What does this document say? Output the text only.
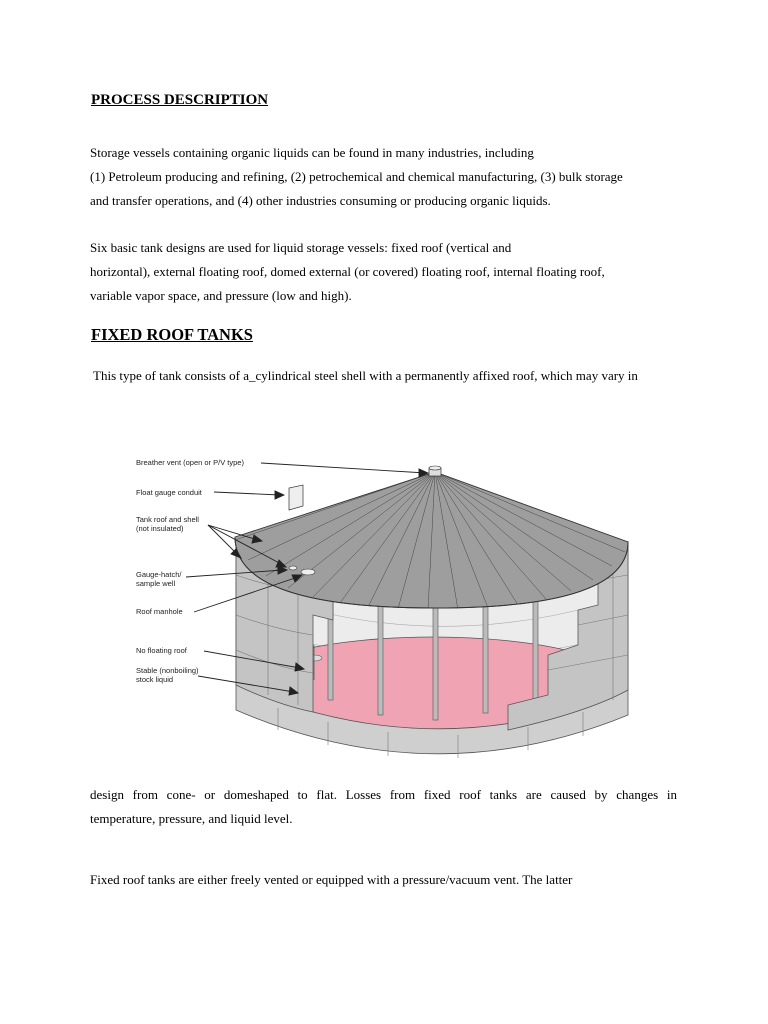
PROCESS DESCRIPTION
Storage vessels containing organic liquids can be found in many industries, including
(1) Petroleum producing and refining, (2) petrochemical and chemical manufacturing, (3) bulk storage
and transfer operations, and (4) other industries consuming or producing organic liquids.
Six basic tank designs are used for liquid storage vessels: fixed roof (vertical and
horizontal), external floating roof, domed external (or covered) floating roof, internal floating roof,
variable vapor space, and pressure (low and high).
FIXED ROOF TANKS
This type of tank consists of a_cylindrical steel shell with a permanently affixed roof, which may vary in
Breather vent (open or P/V type)
Float gauge conduit
Tank roof and shell
(not insulated)
Gauge-hatch/
sample well
Roof manhole
No floating roof
Stable (nonboiling)
stock liquid
design from cone- or domeshaped to flat. Losses from fixed roof tanks are caused by changes in
temperature, pressure, and liquid level.
Fixed roof tanks are either freely vented or equipped with a pressure/vacuum vent. The latter
